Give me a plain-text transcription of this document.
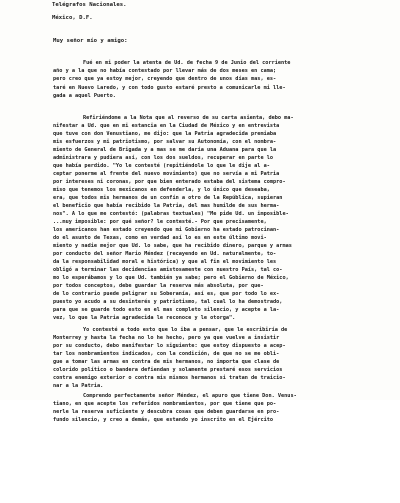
Telégrafos Nacionales.

México, D.F.

Muy señor mío y amigo:

Fué en mi poder la atenta de Ud. de fecha 9 de Junio del corriente

año y a la que no había contestado por llevar más de dos meses en cama;

pero creo que ya estoy mejor, creyendo que dentro de unos días mas, es-

taré en Nuevo Laredo, y con todo gusto estaré presto a comunicarle mi lle-

gada a aquel Puerto.

Refiriéndome a la Nota que al reverso de su carta asienta, debo ma-

nifestar a Ud. que en mi estancia en la Ciudad de México y en entrevista

que tuve con don Venustiano, me dijo: que la Patria agradecida premiaba

mis esfuerzos y mi patriotismo, por salvar su Autonomía, con el nombra-

miento de General de Brigada y a mas se me daría una Aduana para que la

administrara y pudiera así, con los dos sueldos, recuperar en parte lo

que había perdido. "Yo le contesté (repitiéndole lo que le dije al a-

ceptar ponerme al frente del nuevo movimiento) que no servía a mi Patria

por intereses ni coronas, por que bien enterado estaba del sistema compro-

miso que tenemos los mexicanos en defenderla, y lo único que deseaba,

era, que todos mis hermanos de un confín a otro de la República, supieran

el beneficio que había recibido la Patria, del mas humilde de sus herma-

nos". A lo que me contestó: (palabras textuales) "Me pide Ud. un imposible-

...muy imposible: por qué señor? le contesté.- Por que precisamente,

los americanos han estado creyendo que mi Gobierno ha estado patrocinan-

do el asunto de Texas, como en verdad así lo es en este último movi-

miento y nadie mejor que Ud. lo sabe, que ha recibido dinero, parque y armas

por conducto del señor Mario Méndez (recayendo en Ud. naturalmente, to-

da la responsabilidad moral e histórica) y que al fin el movimiento les

obligó a terminar las decidencias amistosamente con nuestro País, tal co-

mo lo esperábamos y lo que Ud. también ya sabe; pero el Gobierno de México,

por todos conceptos, debe guardar la reserva más absoluta, por que-

de lo contrario puede peligrar su Soberanía, así es, que por todo lo ex-

puesto yo acudo a su desinterés y patriotismo, tal cual lo ha demostrado,

para que se guarde todo esto en el mas completo silencio, y acepte a la-

vez, lo que la Patria agradecida le reconoce y le otorga".

Yo contesté a todo esto que lo iba a pensar, que le escribiría de

Monterrey y hasta la fecha no lo he hecho, pero ya que vuelve a insistir

por su conducto, debo manifestar lo siguiente: que estoy dispuesto a acep-

tar los nombramientos indicados, con la condición, de que no se me obli-

gue a tomar las armas en contra de mis hermanos, no importa que clase de

colorido político o bandera defiendan y solamente prestaré esos servicios

contra enemigo exterior o contra mis mismos hermanos si tratan de traicio-

nar a la Patria.

Comprendo perfectamente señor Méndez, el apuro que tiene Don. Venus-

tiano, en que acepte los referidos nombramientos, por que tiene que po-

nerle la reserva suficiente y descubra cosas que deben guardarse en pro-

fundo silencio, y creo a demás, que estando yo inscrito en el Ejército
